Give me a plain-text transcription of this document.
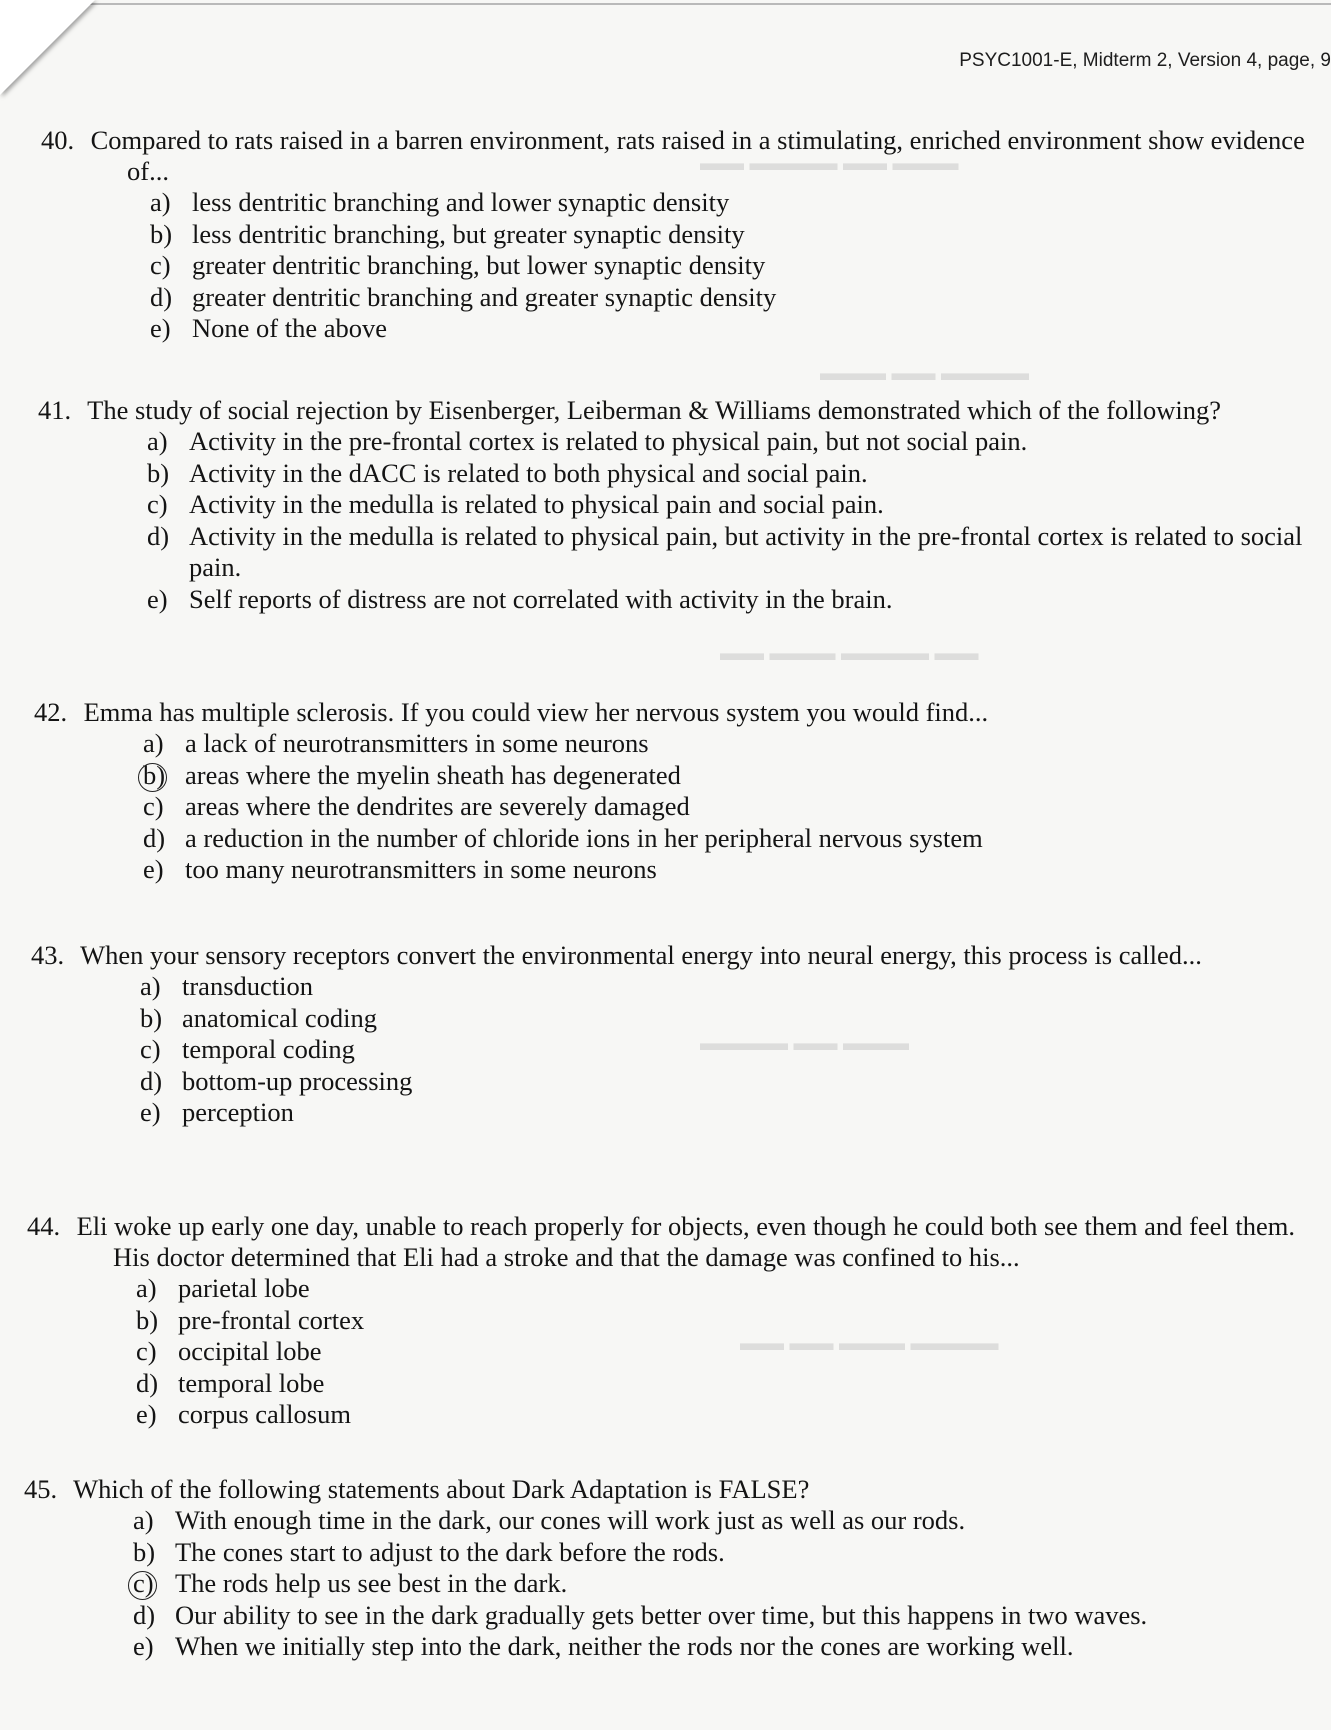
PSYC1001-E, Midterm 2, Version 4, page, 9
▬▬▬ ▬▬ ▬▬▬▬ ▬▬
▬▬▬▬ ▬▬ ▬▬▬
▬▬ ▬▬▬▬ ▬▬▬ ▬▬
▬▬▬ ▬▬ ▬▬▬▬
▬▬▬▬ ▬▬▬ ▬▬ ▬▬
40. Compared to rats raised in a barren environment, rats raised in a stimulating, enriched environment show evidence of...
a) less dentritic branching and lower synaptic density
b) less dentritic branching, but greater synaptic density
c) greater dentritic branching, but lower synaptic density
d) greater dentritic branching and greater synaptic density
e) None of the above
41. The study of social rejection by Eisenberger, Leiberman & Williams demonstrated which of the following?
a) Activity in the pre-frontal cortex is related to physical pain, but not social pain.
b) Activity in the dACC is related to both physical and social pain.
c) Activity in the medulla is related to physical pain and social pain.
d) Activity in the medulla is related to physical pain, but activity in the pre-frontal cortex is related to social pain.
e) Self reports of distress are not correlated with activity in the brain.
42. Emma has multiple sclerosis. If you could view her nervous system you would find...
a) a lack of neurotransmitters in some neurons
b) areas where the myelin sheath has degenerated
c) areas where the dendrites are severely damaged
d) a reduction in the number of chloride ions in her peripheral nervous system
e) too many neurotransmitters in some neurons
43. When your sensory receptors convert the environmental energy into neural energy, this process is called...
a) transduction
b) anatomical coding
c) temporal coding
d) bottom-up processing
e) perception
44. Eli woke up early one day, unable to reach properly for objects, even though he could both see them and feel them. His doctor determined that Eli had a stroke and that the damage was confined to his...
a) parietal lobe
b) pre-frontal cortex
c) occipital lobe
d) temporal lobe
e) corpus callosum
45. Which of the following statements about Dark Adaptation is FALSE?
a) With enough time in the dark, our cones will work just as well as our rods.
b) The cones start to adjust to the dark before the rods.
c) The rods help us see best in the dark.
d) Our ability to see in the dark gradually gets better over time, but this happens in two waves.
e) When we initially step into the dark, neither the rods nor the cones are working well.
